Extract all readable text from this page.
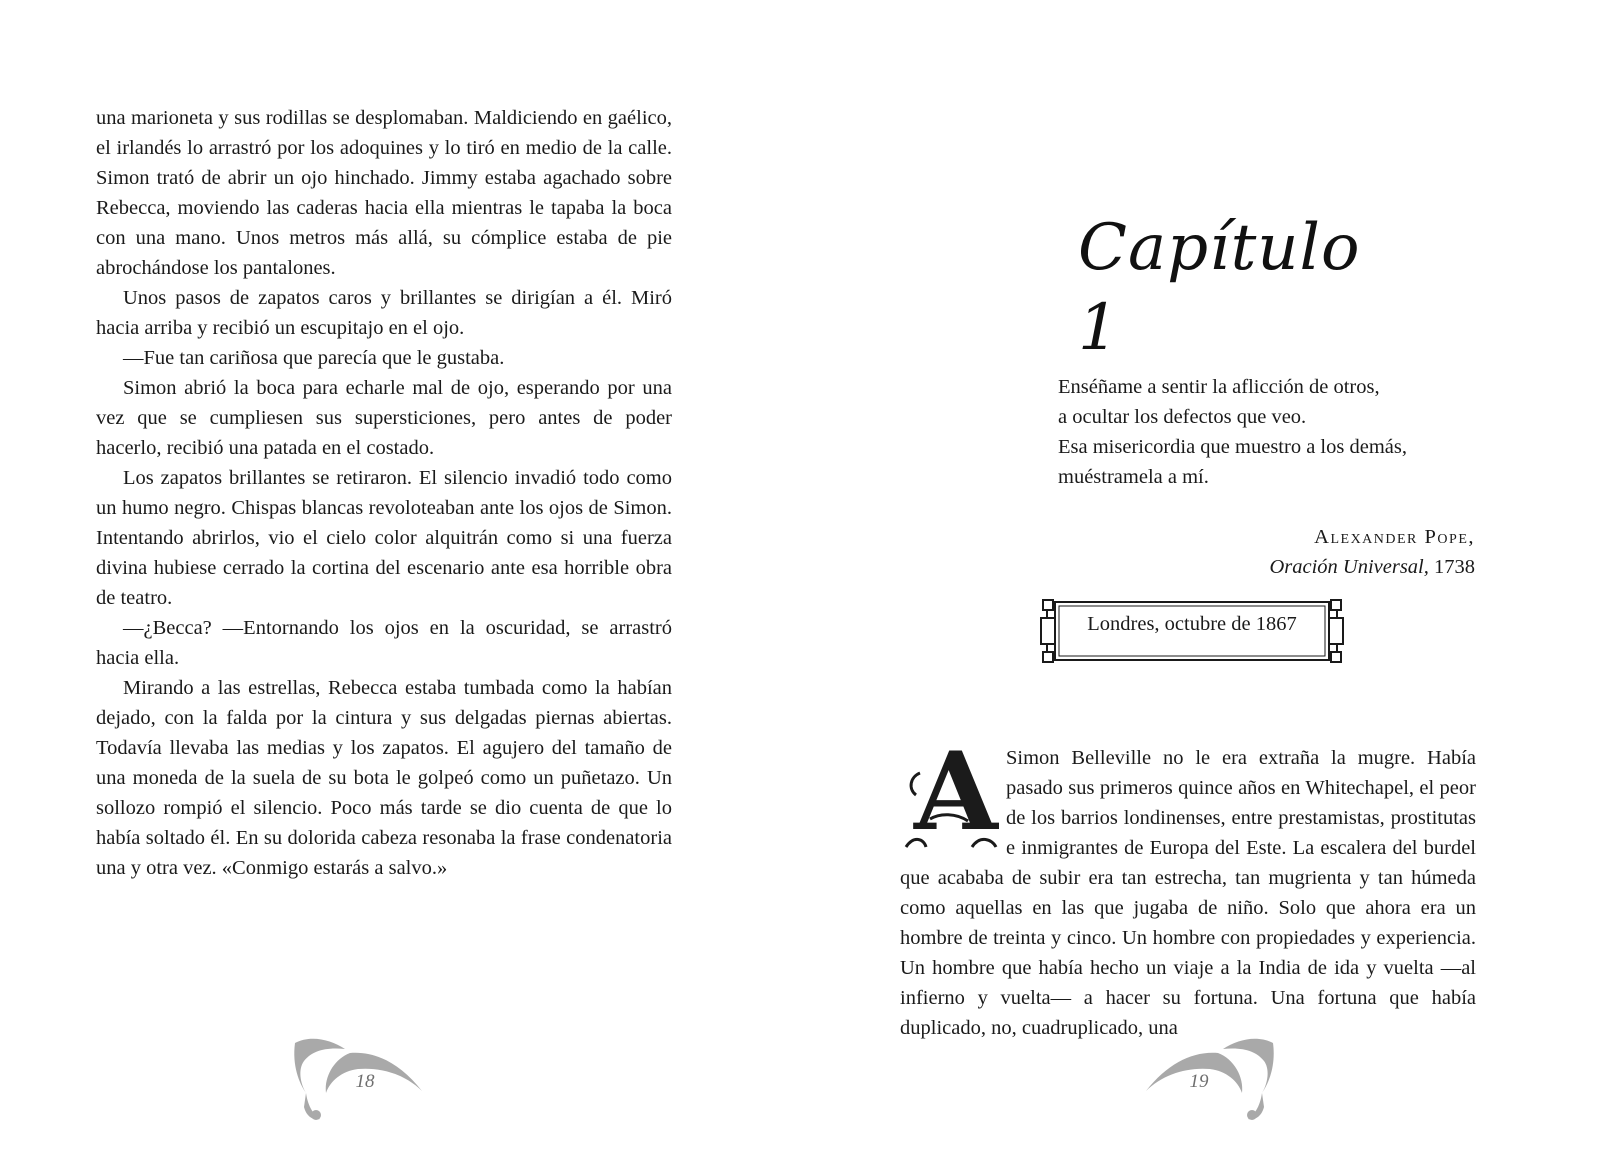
una marioneta y sus rodillas se desplomaban. Maldiciendo en gaélico, el irlandés lo arrastró por los adoquines y lo tiró en medio de la calle. Simon trató de abrir un ojo hinchado. Jimmy estaba agachado sobre Rebecca, moviendo las caderas hacia ella mientras le tapaba la boca con una mano. Unos metros más allá, su cómplice estaba de pie abrochándose los pantalones.

Unos pasos de zapatos caros y brillantes se dirigían a él. Miró hacia arriba y recibió un escupitajo en el ojo.

—Fue tan cariñosa que parecía que le gustaba.

Simon abrió la boca para echarle mal de ojo, esperando por una vez que se cumpliesen sus supersticiones, pero antes de poder hacerlo, recibió una patada en el costado.

Los zapatos brillantes se retiraron. El silencio invadió todo como un humo negro. Chispas blancas revoloteaban ante los ojos de Simon. Intentando abrirlos, vio el cielo color alquitrán como si una fuerza divina hubiese cerrado la cortina del escenario ante esa horrible obra de teatro.

—¿Becca? —Entornando los ojos en la oscuridad, se arrastró hacia ella.

Mirando a las estrellas, Rebecca estaba tumbada como la habían dejado, con la falda por la cintura y sus delgadas piernas abiertas. Todavía llevaba las medias y los zapatos. El agujero del tamaño de una moneda de la suela de su bota le golpeó como un puñetazo. Un sollozo rompió el silencio. Poco más tarde se dio cuenta de que lo había soltado él. En su dolorida cabeza resonaba la frase condenatoria una y otra vez. «Conmigo estarás a salvo.»

18
Capítulo 1
Enséñame a sentir la aflicción de otros,
a ocultar los defectos que veo.
Esa misericordia que muestro a los demás,
muéstramela a mí.
Alexander Pope,
Oración Universal, 1738
Londres, octubre de 1867
A Simon Belleville no le era extraña la mugre. Había pasado sus primeros quince años en Whitechapel, el peor de los barrios londinenses, entre prestamistas, prostitutas e inmigrantes de Europa del Este. La escalera del burdel que acababa de subir era tan estrecha, tan mugrienta y tan húmeda como aquellas en las que jugaba de niño. Solo que ahora era un hombre de treinta y cinco. Un hombre con propiedades y experiencia. Un hombre que había hecho un viaje a la India de ida y vuelta —al infierno y vuelta— a hacer su fortuna. Una fortuna que había duplicado, no, cuadruplicado, una

19
